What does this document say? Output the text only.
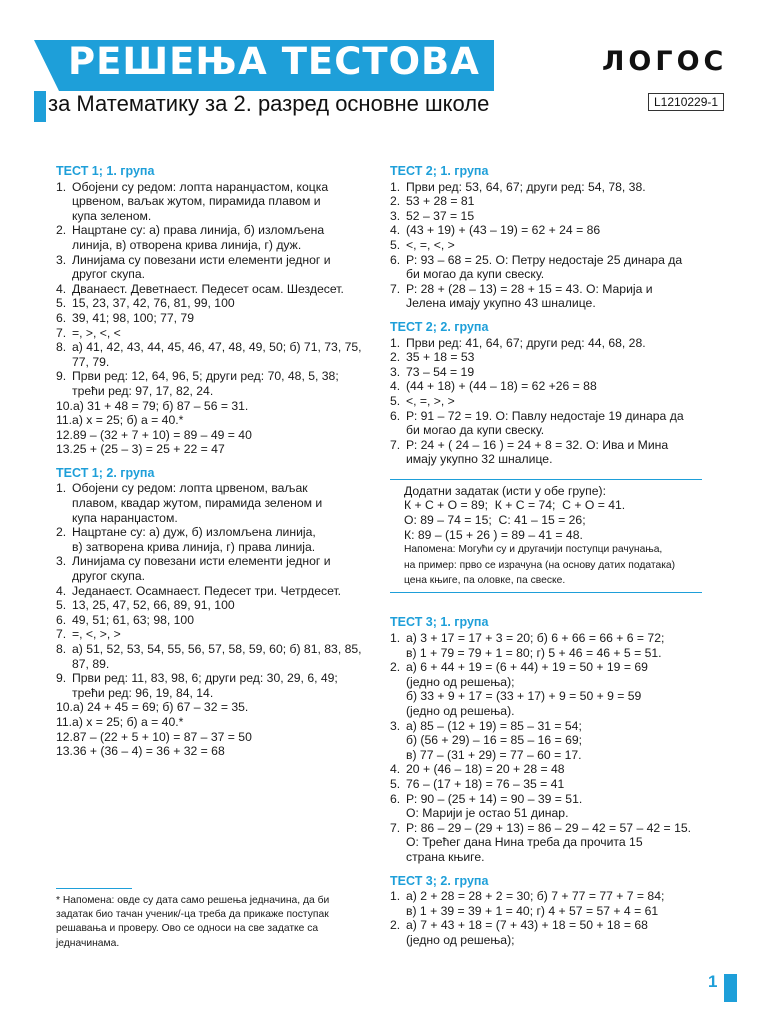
РЕШЕЊА ТЕСТОВА
за Математику за 2. разред основне школе
ЛОГОС
L1210229-1
ТЕСТ 1; 1. група
1. Обојени су редом: лопта наранџастом, коцка
црвеном, ваљак жутом, пирамида плавом и
купа зеленом.
2. Нацртане су: а) права линија, б) изломљена
линија, в) отворена крива линија, г) дуж.
3. Линијама су повезани исти елементи једног и
другог скупа.
4. Дванаест. Деветнаест. Педесет осам. Шездесет.
5. 15, 23, 37, 42, 76, 81, 99, 100
6. 39, 41; 98, 100; 77, 79
7. =, >, <, <
8. а) 41, 42, 43, 44, 45, 46, 47, 48, 49, 50; б) 71, 73, 75,
77, 79.
9. Први ред: 12, 64, 96, 5; други ред: 70, 48, 5, 38;
трећи ред: 97, 17, 82, 24.
10. а) 31 + 48 = 79; б) 87 – 56 = 31.
11. а) x = 25; б) a = 40.*
12. 89 – (32 + 7 + 10) = 89 – 49 = 40
13. 25 + (25 – 3) = 25 + 22 = 47
ТЕСТ 1; 2. група
1. Обојени су редом: лопта црвеном, ваљак
плавом, квадар жутом, пирамида зеленом и
купа наранџастом.
2. Нацртане су: а) дуж, б) изломљена линија,
в) затворена крива линија, г) права линија.
3. Линијама су повезани исти елементи једног и
другог скупа.
4. Једанаест. Осамнаест. Педесет три. Четрдесет.
5. 13, 25, 47, 52, 66, 89, 91, 100
6. 49, 51; 61, 63; 98, 100
7. =, <, >, >
8. а) 51, 52, 53, 54, 55, 56, 57, 58, 59, 60; б) 81, 83, 85,
87, 89.
9. Први ред: 11, 83, 98, 6; други ред: 30, 29, 6, 49;
трећи ред: 96, 19, 84, 14.
10. а) 24 + 45 = 69; б) 67 – 32 = 35.
11. а) x = 25; б) a = 40.*
12. 87 – (22 + 5 + 10) = 87 – 37 = 50
13. 36 + (36 – 4) = 36 + 32 = 68
ТЕСТ 2; 1. група
1. Први ред: 53, 64, 67; други ред: 54, 78, 38.
2. 53 + 28 = 81
3. 52 – 37 = 15
4. (43 + 19) + (43 – 19) = 62 + 24 = 86
5. <, =, <, >
6. Р: 93 – 68 = 25. О: Петру недостаје 25 динара да
би могао да купи свеску.
7. Р: 28 + (28 – 13) = 28 + 15 = 43. О: Марија и
Јелена имају укупно 43 шналице.
ТЕСТ 2; 2. група
1. Први ред: 41, 64, 67; други ред: 44, 68, 28.
2. 35 + 18 = 53
3. 73 – 54 = 19
4. (44 + 18) + (44 – 18) = 62 +26 = 88
5. <, =, >, >
6. Р: 91 – 72 = 19. О: Павлу недостаје 19 динара да
би могао да купи свеску.
7. Р: 24 + ( 24 – 16 ) = 24 + 8 = 32. О: Ива и Мина
имају укупно 32 шналице.
Додатни задатак (исти у обе групе):
К + С + О = 89;  К + С = 74;  С + О = 41.
О: 89 – 74 = 15;  С: 41 – 15 = 26;
К: 89 – (15 + 26 ) = 89 – 41 = 48.
Напомена: Могући су и другачији поступци рачунања,
на пример: прво се израчуна (на основу датих података)
цена књиге, па оловке, па свеске.
ТЕСТ 3; 1. група
1. а) 3 + 17 = 17 + 3 = 20; б) 6 + 66 = 66 + 6 = 72;
в) 1 + 79 = 79 + 1 = 80; г) 5 + 46 = 46 + 5 = 51.
2. а) 6 + 44 + 19 = (6 + 44) + 19 = 50 + 19 = 69
(једно од решења);
б) 33 + 9 + 17 = (33 + 17) + 9 = 50 + 9 = 59
(једно од решења).
3. а) 85 – (12 + 19) = 85 – 31 = 54;
б) (56 + 29) – 16 = 85 – 16 = 69;
в) 77 – (31 + 29) = 77 – 60 = 17.
4. 20 + (46 – 18) = 20 + 28 = 48
5. 76 – (17 + 18) = 76 – 35 = 41
6. Р: 90 – (25 + 14) = 90 – 39 = 51.
О: Марији је остао 51 динар.
7. Р: 86 – 29 – (29 + 13) = 86 – 29 – 42 = 57 – 42 = 15.
О: Трећег дана Нина треба да прочита 15
страна књиге.
ТЕСТ 3; 2. група
1. а) 2 + 28 = 28 + 2 = 30; б) 7 + 77 = 77 + 7 = 84;
в) 1 + 39 = 39 + 1 = 40; г) 4 + 57 = 57 + 4 = 61
2. а) 7 + 43 + 18 = (7 + 43) + 18 = 50 + 18 = 68
(једно од решења);
* Напомена: овде су дата само решења једначина, да би
задатак био тачан ученик/-ца треба да прикаже поступак
решавања и проверу. Ово се односи на све задатке са
једначинама.
1
